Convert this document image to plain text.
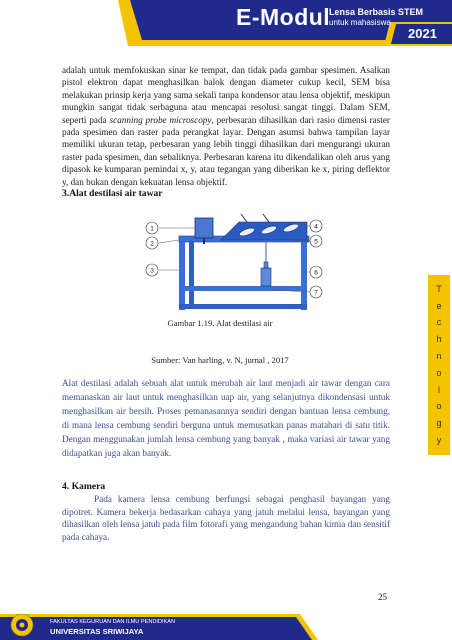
E-Modul
Lensa Berbasis STEM
untuk mahasiswa
2021
adalah untuk memfokuskan sinar ke tempat, dan tidak pada gambar spesimen. Asalkan pistol elektron dapat menghasilkan balok dengan diameter cukup kecil, SEM bisa melakukan prinsip kerja yang sama sekali tanpa kondensor atau lensa objektif, meskipun mungkin sangat tidak serbaguna atau mencapai resolusi sangat tinggi. Dalam SEM, seperti pada scanning probe microscopy, perbesaran dihasilkan dari rasio dimensi raster pada spesimen dan raster pada perangkat layar. Dengan asumsi bahwa tampilan layar memiliki ukuran tetap, perbesaran yang lebih tinggi dihasilkan dari mengurangi ukuran raster pada spesimen, dan sebaliknya. Perbesaran karena itu dikendalikan oleh arus yang dipasok ke kumparan pemindai x, y, atau tegangan yang diberikan ke x, piring deflektor y, dan bukan dengan kekuatan lensa objektif.
3.Alat destilasi air tawar
1
2
3
4
5
6
7
Gambar 1.19. Alat destilasi air
Sumber: Van harling, v. N, jurnal , 2017
Alat destilasi adalah sebuah alat untuk merubah air laut menjadi air tawar dengan cara memanaskan air laut untuk menghasilkan uap air, yang selanjutnya dikondensasi untuk menghasilkan air bersih. Proses pemanasannya sendiri dengan bantuan lensa cembung, di mana lensa cembung sendiri berguna untuk memusatkan panas matahari di satu titik. Dengan menggunakan jumlah lensa cembung yang banyak , maka variasi air tawar yang didapatkan juga akan banyak.
4. Kamera
Pada kamera lensa cembung berfungsi sebagai penghasil bayangan yang dipotret. Kamera bekerja bedasarkan cahaya yang jatuh melalui lensa, bayangan yang dihasilkan oleh lensa jatuh pada film fotorafi yang mengandung bahan kimia dan sensitif pada cahaya.
T
e
c
h
n
o
l
o
g
y
25
FAKULTAS KEGURUAN DAN ILMU PENDIDIKAN
UNIVERSITAS SRIWIJAYA
